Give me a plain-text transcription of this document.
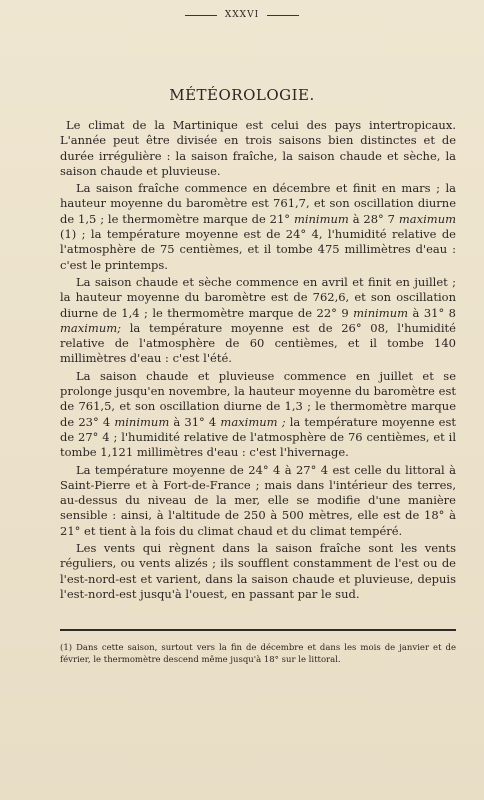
XXXVI
MÉTÉOROLOGIE.

Le climat de la Martinique est celui des pays intertropicaux. L'année peut être divisée en trois saisons bien distinctes et de durée irrégulière : la saison fraîche, la saison chaude et sèche, la saison chaude et pluvieuse.

La saison fraîche commence en décembre et finit en mars ; la hauteur moyenne du baromètre est 761,7, et son oscillation diurne de 1,5 ; le thermomètre marque de 21° minimum à 28° 7 maximum (1) ; la température moyenne est de 24° 4, l'humidité relative de l'atmosphère de 75 centièmes, et il tombe 475 millimètres d'eau : c'est le printemps.

La saison chaude et sèche commence en avril et finit en juillet ; la hauteur moyenne du baromètre est de 762,6, et son oscillation diurne de 1,4 ; le thermomètre marque de 22° 9 minimum à 31° 8 maximum; la température moyenne est de 26° 08, l'humidité relative de l'atmosphère de 60 centièmes, et il tombe 140 millimètres d'eau : c'est l'été.

La saison chaude et pluvieuse commence en juillet et se prolonge jusqu'en novembre, la hauteur moyenne du baromètre est de 761,5, et son oscillation diurne de 1,3 ; le thermomètre marque de 23° 4 minimum à 31° 4 maximum ; la température moyenne est de 27° 4 ; l'humidité relative de l'atmosphère de 76 centièmes, et il tombe 1,121 millimètres d'eau : c'est l'hivernage.

La température moyenne de 24° 4 à 27° 4 est celle du littoral à Saint-Pierre et à Fort-de-France ; mais dans l'intérieur des terres, au-dessus du niveau de la mer, elle se modifie d'une manière sensible : ainsi, à l'altitude de 250 à 500 mètres, elle est de 18° à 21° et tient à la fois du climat chaud et du climat tempéré.

Les vents qui règnent dans la saison fraîche sont les vents réguliers, ou vents alizés ; ils soufflent constamment de l'est ou de l'est-nord-est et varient, dans la saison chaude et pluvieuse, depuis l'est-nord-est jusqu'à l'ouest, en passant par le sud.

(1) Dans cette saison, surtout vers la fin de décembre et dans les mois de janvier et de février, le thermomètre descend même jusqu'à 18° sur le littoral.
